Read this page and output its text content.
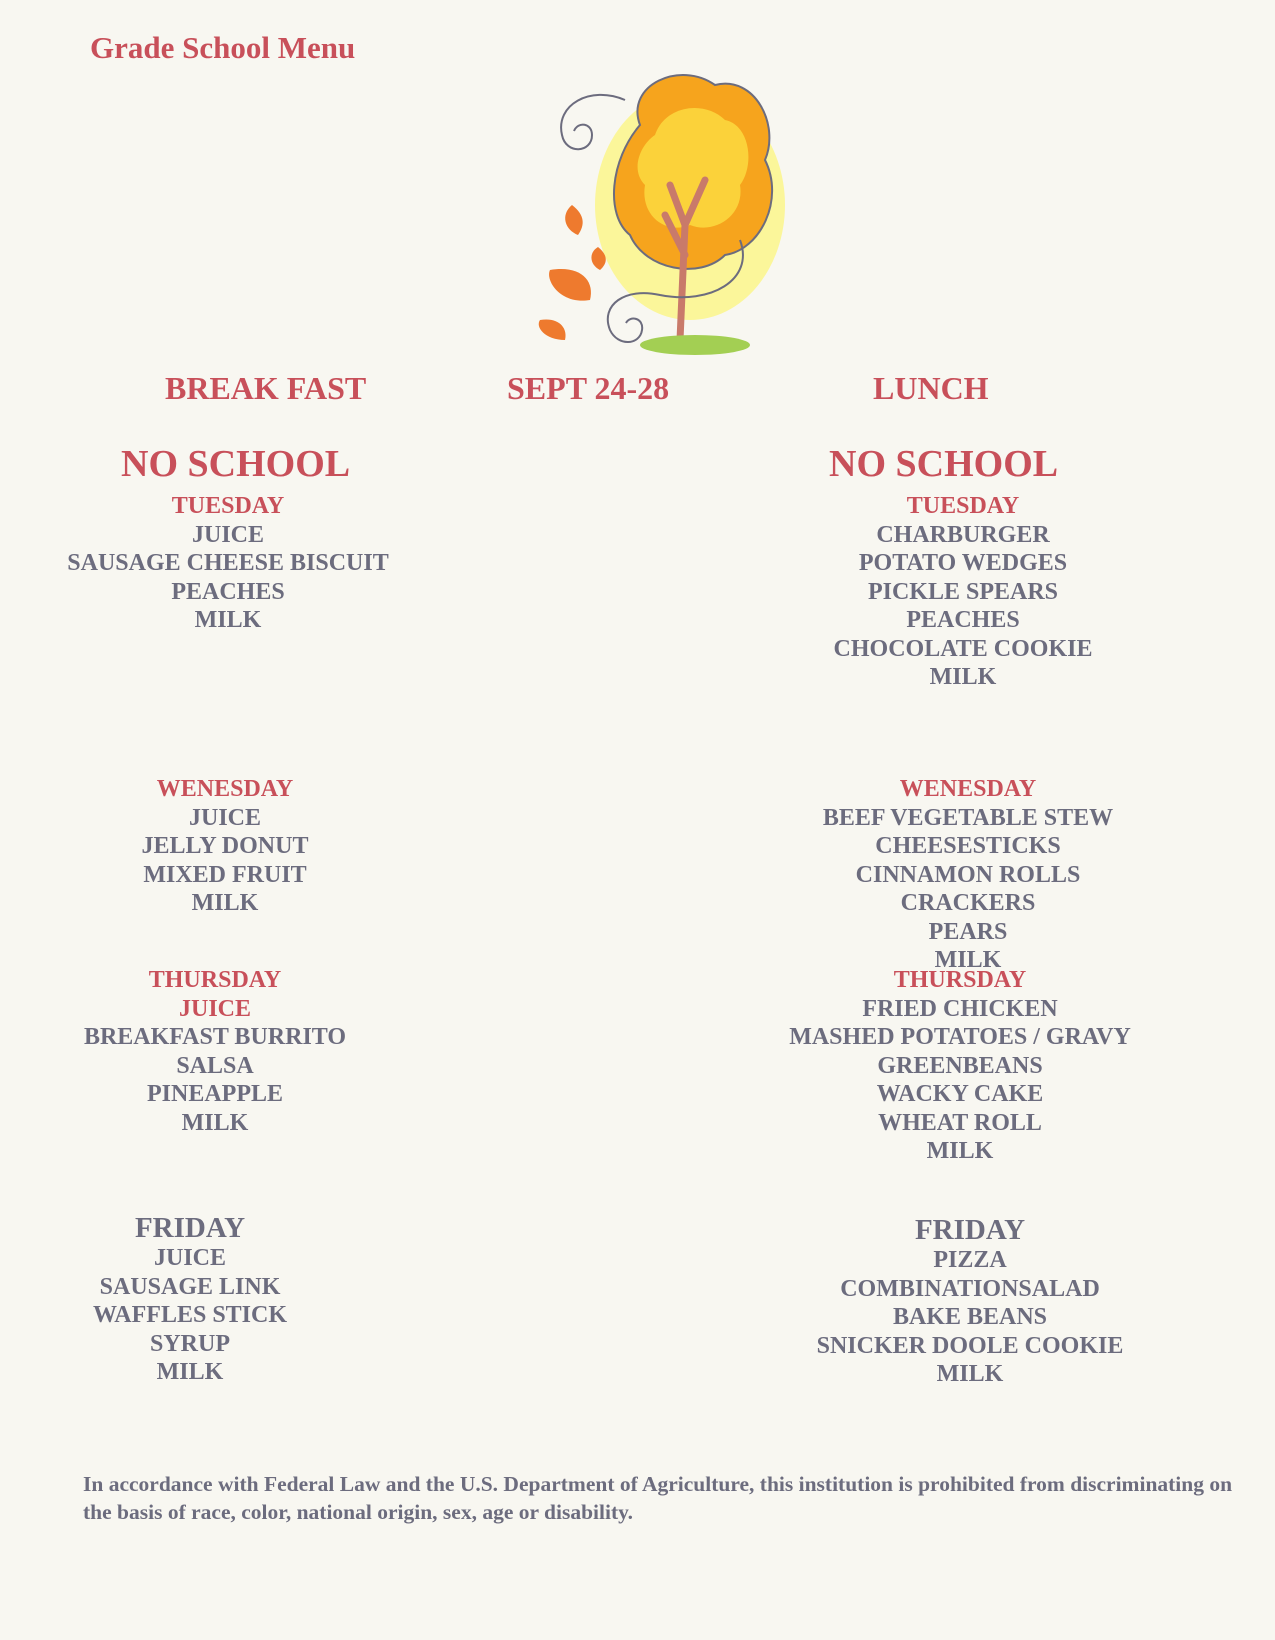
Grade School Menu
BREAK FAST	SEPT 24-28	LUNCH
NO SCHOOL	NO SCHOOL
TUESDAY
JUICE
SAUSAGE CHEESE BISCUIT
PEACHES
MILK
WENESDAY
JUICE
JELLY DONUT
MIXED FRUIT
MILK
THURSDAY
JUICE
BREAKFAST BURRITO
SALSA
PINEAPPLE
MILK
FRIDAY
JUICE
SAUSAGE LINK
WAFFLES STICK
SYRUP
MILK
TUESDAY
CHARBURGER
POTATO WEDGES
PICKLE SPEARS
PEACHES
CHOCOLATE COOKIE
MILK
WENESDAY
BEEF VEGETABLE STEW
CHEESESTICKS
CINNAMON ROLLS
CRACKERS
PEARS
MILK
THURSDAY
FRIED CHICKEN
MASHED POTATOES / GRAVY
GREENBEANS
WACKY CAKE
WHEAT ROLL
MILK
FRIDAY
PIZZA
COMBINATIONSALAD
BAKE BEANS
SNICKER DOOLE COOKIE
MILK
In accordance with Federal Law and the U.S. Department of Agriculture, this institution is prohibited from discriminating on the basis of race, color, national origin, sex, age or disability.
